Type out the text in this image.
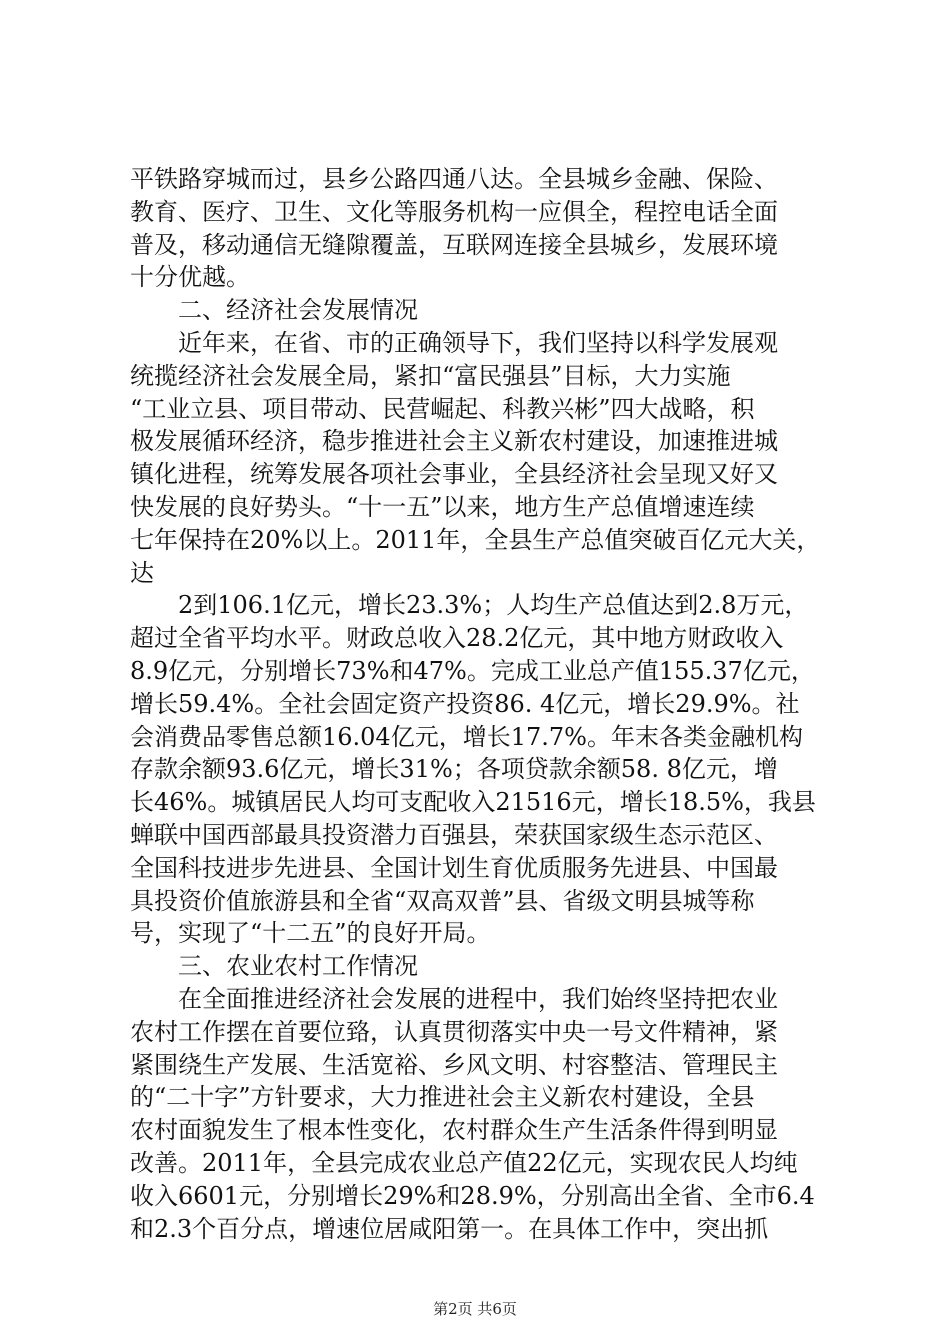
平铁路穿城而过，县乡公路四通八达。全县城乡金融、保险、
教育、医疗、卫生、文化等服务机构一应俱全，程控电话全面
普及，移动通信无缝隙覆盖，互联网连接全县城乡，发展环境
十分优越。
　　二、经济社会发展情况
　　近年来，在省、市的正确领导下，我们坚持以科学发展观
统揽经济社会发展全局，紧扣“富民强县”目标，大力实施
“工业立县、项目带动、民营崛起、科教兴彬”四大战略，积
极发展循环经济，稳步推进社会主义新农村建设，加速推进城
镇化进程，统筹发展各项社会事业，全县经济社会呈现又好又
快发展的良好势头。“十一五”以来，地方生产总值增速连续
七年保持在20%以上。2011年，全县生产总值突破百亿元大关，
达
　　2到106.1亿元，增长23.3%；人均生产总值达到2.8万元，
超过全省平均水平。财政总收入28.2亿元，其中地方财政收入
8.9亿元，分别增长73%和47%。完成工业总产值155.37亿元，
增长59.4%。全社会固定资产投资86. 4亿元，增长29.9%。社
会消费品零售总额16.04亿元，增长17.7%。年末各类金融机构
存款余额93.6亿元，增长31%；各项贷款余额58. 8亿元，增
长46%。城镇居民人均可支配收入21516元，增长18.5%，我县
蝉联中国西部最具投资潜力百强县，荣获国家级生态示范区、
全国科技进步先进县、全国计划生育优质服务先进县、中国最
具投资价值旅游县和全省“双高双普”县、省级文明县城等称
号，实现了“十二五”的良好开局。
　　三、农业农村工作情况
　　在全面推进经济社会发展的进程中，我们始终坚持把农业
农村工作摆在首要位臵，认真贯彻落实中央一号文件精神，紧
紧围绕生产发展、生活宽裕、乡风文明、村容整洁、管理民主
的“二十字”方针要求，大力推进社会主义新农村建设，全县
农村面貌发生了根本性变化，农村群众生产生活条件得到明显
改善。2011年，全县完成农业总产值22亿元，实现农民人均纯
收入6601元，分别增长29%和28.9%，分别高出全省、全市6.4
和2.3个百分点，增速位居咸阳第一。在具体工作中，突出抓
第2页 共6页
